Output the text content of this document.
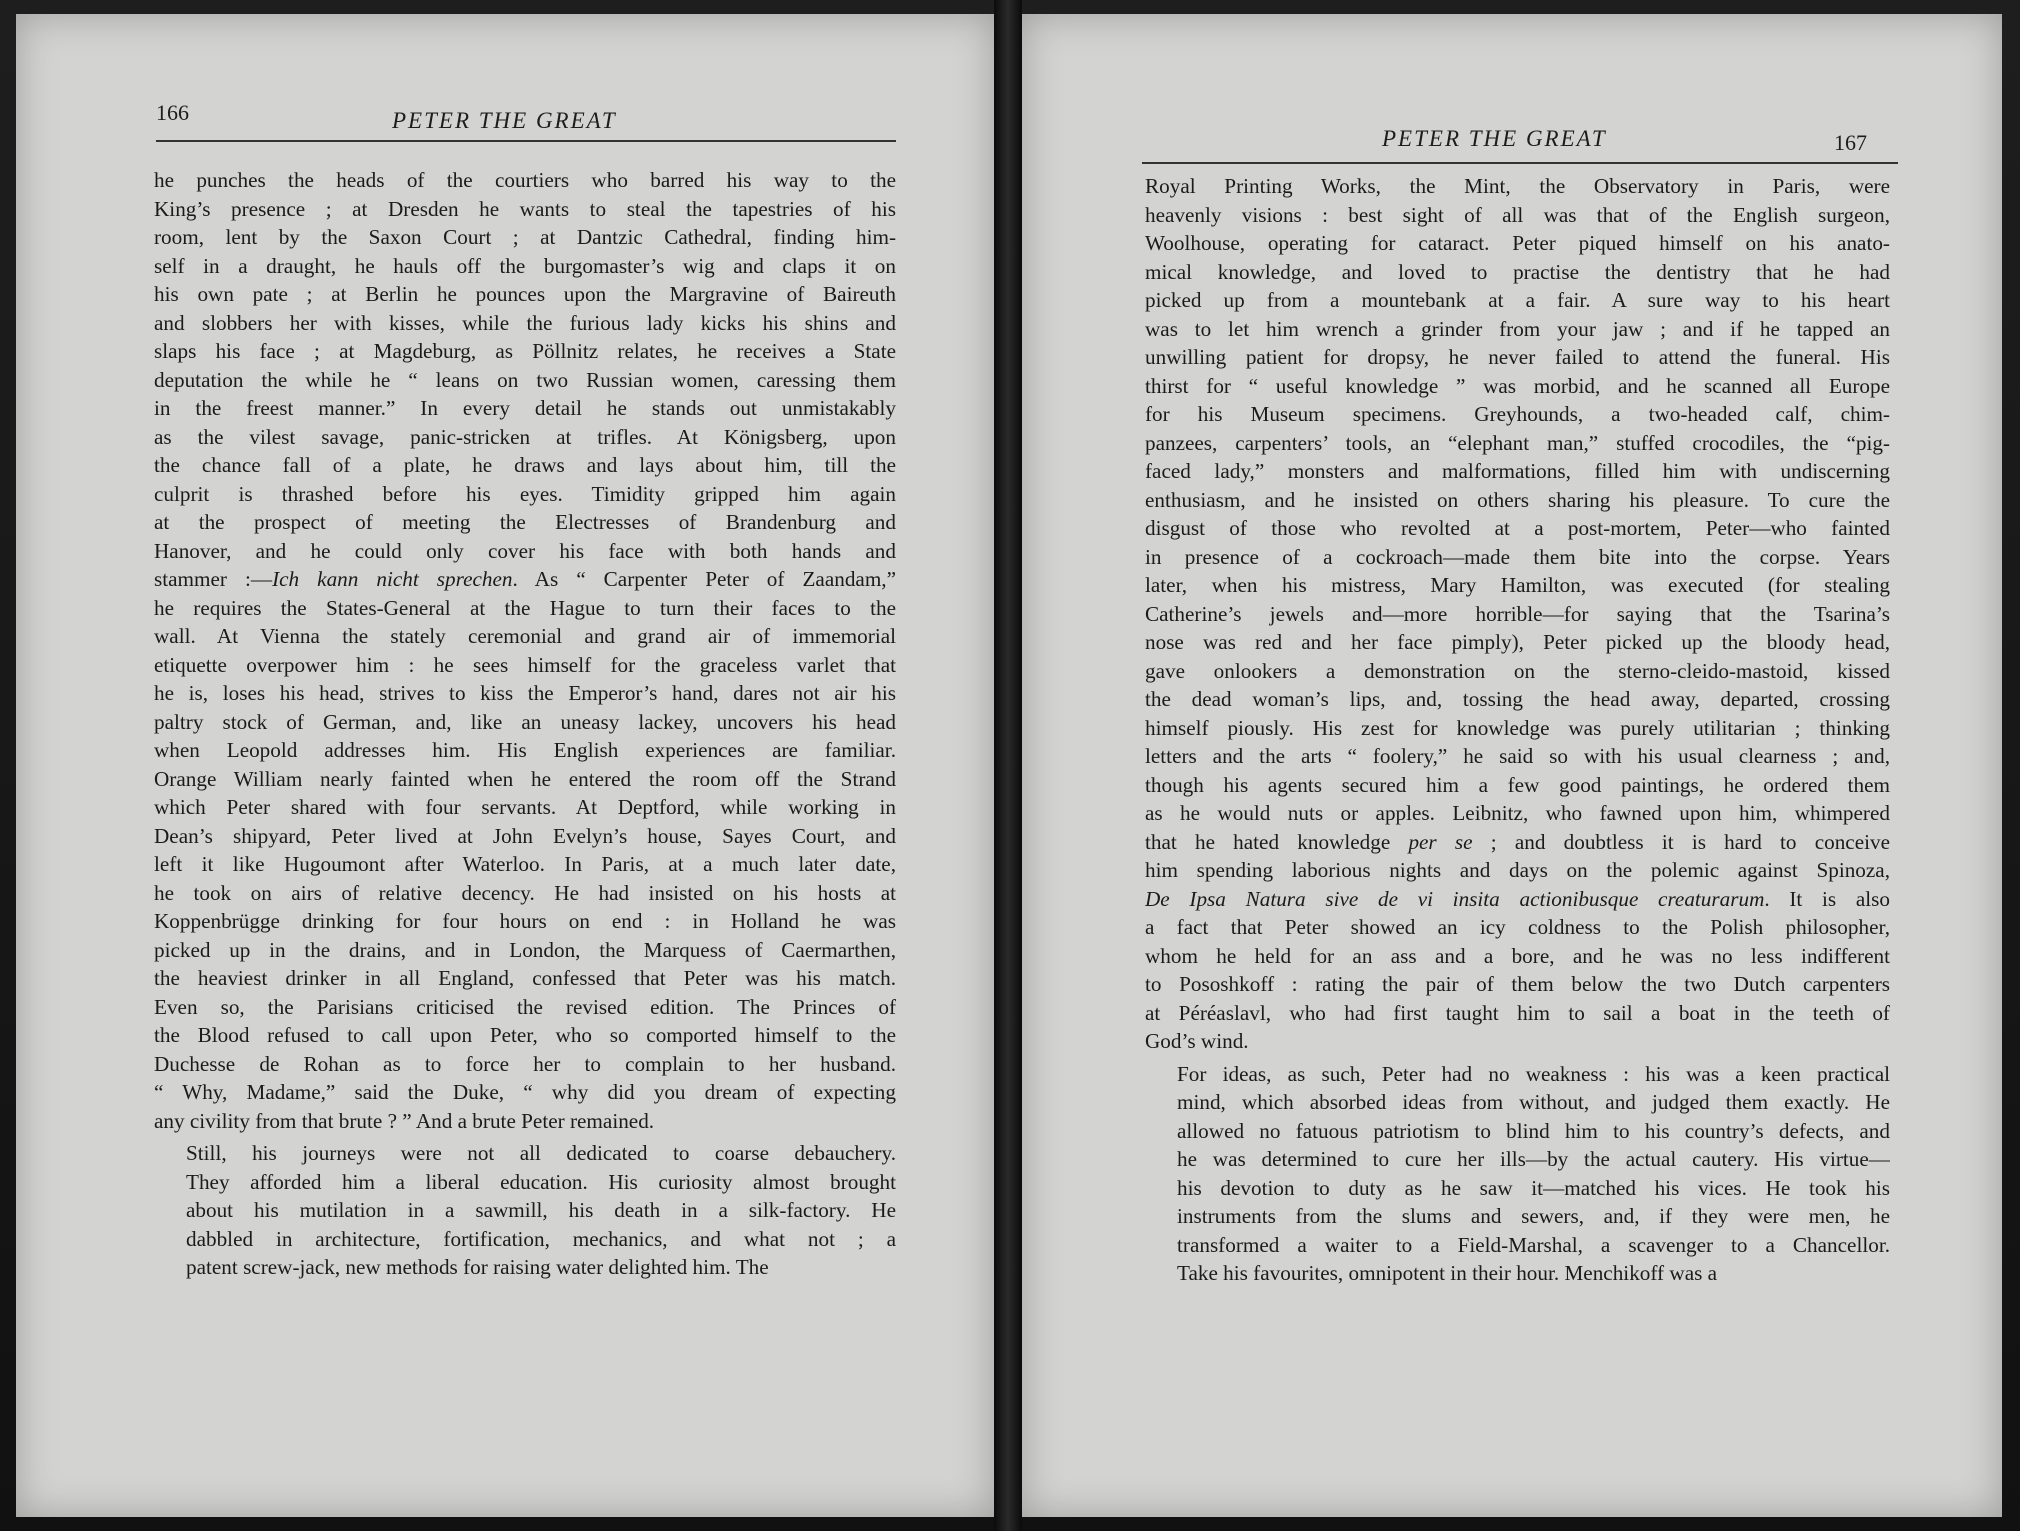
166	PETER THE GREAT

he punches the heads of the courtiers who barred his way to the
King’s presence ; at Dresden he wants to steal the tapestries of his
room, lent by the Saxon Court ; at Dantzic Cathedral, finding him-
self in a draught, he hauls off the burgomaster’s wig and claps it on
his own pate ; at Berlin he pounces upon the Margravine of Baireuth
and slobbers her with kisses, while the furious lady kicks his shins and
slaps his face ; at Magdeburg, as Pöllnitz relates, he receives a State
deputation the while he “ leans on two Russian women, caressing them
in the freest manner.” In every detail he stands out unmistakably
as the vilest savage, panic-stricken at trifles. At Königsberg, upon
the chance fall of a plate, he draws and lays about him, till the
culprit is thrashed before his eyes. Timidity gripped him again
at the prospect of meeting the Electresses of Brandenburg and
Hanover, and he could only cover his face with both hands and
stammer :—Ich kann nicht sprechen. As “ Carpenter Peter of Zaandam,”
he requires the States-General at the Hague to turn their faces to the
wall. At Vienna the stately ceremonial and grand air of immemorial
etiquette overpower him : he sees himself for the graceless varlet that
he is, loses his head, strives to kiss the Emperor’s hand, dares not air his
paltry stock of German, and, like an uneasy lackey, uncovers his head
when Leopold addresses him. His English experiences are familiar.
Orange William nearly fainted when he entered the room off the Strand
which Peter shared with four servants. At Deptford, while working in
Dean’s shipyard, Peter lived at John Evelyn’s house, Sayes Court, and
left it like Hugoumont after Waterloo. In Paris, at a much later date,
he took on airs of relative decency. He had insisted on his hosts at
Koppenbrügge drinking for four hours on end : in Holland he was
picked up in the drains, and in London, the Marquess of Caermarthen,
the heaviest drinker in all England, confessed that Peter was his match.
Even so, the Parisians criticised the revised edition. The Princes of
the Blood refused to call upon Peter, who so comported himself to the
Duchesse de Rohan as to force her to complain to her husband.
“ Why, Madame,” said the Duke, “ why did you dream of expecting
any civility from that brute ? ” And a brute Peter remained.

Still, his journeys were not all dedicated to coarse debauchery.
They afforded him a liberal education. His curiosity almost brought
about his mutilation in a sawmill, his death in a silk-factory. He
dabbled in architecture, fortification, mechanics, and what not ; a
patent screw-jack, new methods for raising water delighted him. The

PETER THE GREAT	167

Royal Printing Works, the Mint, the Observatory in Paris, were
heavenly visions : best sight of all was that of the English surgeon,
Woolhouse, operating for cataract. Peter piqued himself on his anato-
mical knowledge, and loved to practise the dentistry that he had
picked up from a mountebank at a fair. A sure way to his heart
was to let him wrench a grinder from your jaw ; and if he tapped an
unwilling patient for dropsy, he never failed to attend the funeral. His
thirst for “ useful knowledge ” was morbid, and he scanned all Europe
for his Museum specimens. Greyhounds, a two-headed calf, chim-
panzees, carpenters’ tools, an “elephant man,” stuffed crocodiles, the “pig-
faced lady,” monsters and malformations, filled him with undiscerning
enthusiasm, and he insisted on others sharing his pleasure. To cure the
disgust of those who revolted at a post-mortem, Peter—who fainted
in presence of a cockroach—made them bite into the corpse. Years
later, when his mistress, Mary Hamilton, was executed (for stealing
Catherine’s jewels and—more horrible—for saying that the Tsarina’s
nose was red and her face pimply), Peter picked up the bloody head,
gave onlookers a demonstration on the sterno-cleido-mastoid, kissed
the dead woman’s lips, and, tossing the head away, departed, crossing
himself piously. His zest for knowledge was purely utilitarian ; thinking
letters and the arts “ foolery,” he said so with his usual clearness ; and,
though his agents secured him a few good paintings, he ordered them
as he would nuts or apples. Leibnitz, who fawned upon him, whimpered
that he hated knowledge per se ; and doubtless it is hard to conceive
him spending laborious nights and days on the polemic against Spinoza,
De Ipsa Natura sive de vi insita actionibusque creaturarum. It is also
a fact that Peter showed an icy coldness to the Polish philosopher,
whom he held for an ass and a bore, and he was no less indifferent
to Pososhkoff : rating the pair of them below the two Dutch carpenters
at Péréaslavl, who had first taught him to sail a boat in the teeth of
God’s wind.

For ideas, as such, Peter had no weakness : his was a keen practical
mind, which absorbed ideas from without, and judged them exactly. He
allowed no fatuous patriotism to blind him to his country’s defects, and
he was determined to cure her ills—by the actual cautery. His virtue—
his devotion to duty as he saw it—matched his vices. He took his
instruments from the slums and sewers, and, if they were men, he
transformed a waiter to a Field-Marshal, a scavenger to a Chancellor.
Take his favourites, omnipotent in their hour. Menchikoff was a
